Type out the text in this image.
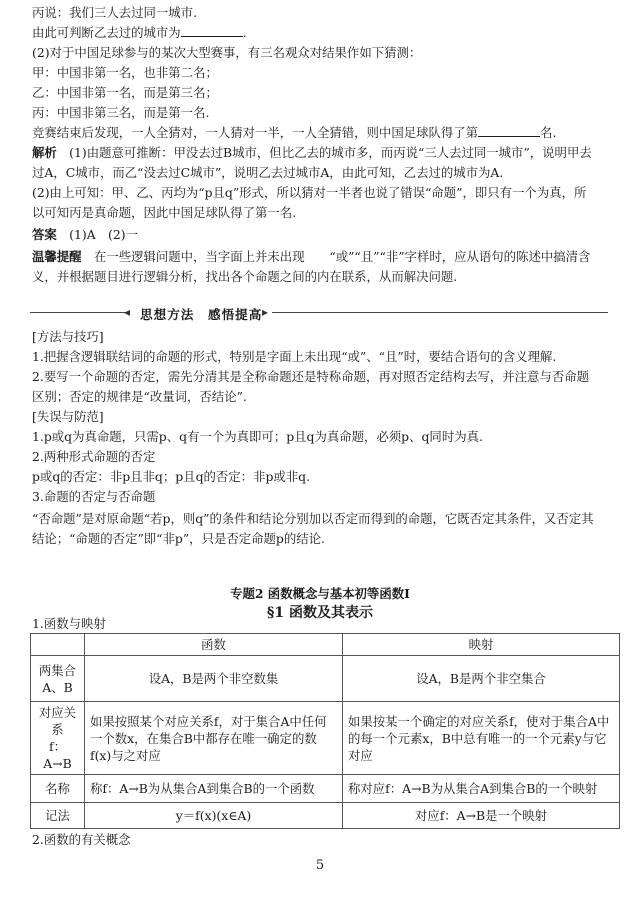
丙说：我们三人去过同一城市.
由此可判断乙去过的城市为	.
(2)对于中国足球参与的某次大型赛事，有三名观众对结果作如下猜测：
甲：中国非第一名，也非第二名；
乙：中国非第一名，而是第三名；
丙：中国非第三名，而是第一名.
竞赛结束后发现，一人全猜对，一人猜对一半，一人全猜错，则中国足球队得了第	名.
解析　 (1)由题意可推断：甲没去过B城市，但比乙去的城市多，而丙说“三人去过同一城市”，说明甲去
过A，C城市，而乙“没去过C城市”，说明乙去过城市A，由此可知，乙去过的城市为A.
(2)由上可知：甲、乙、丙均为“p且q”形式，所以猜对一半者也说了错误“命题”，即只有一个为真，所
以可知丙是真命题，因此中国足球队得了第一名.
答案　 (1)A　(2)一
温馨提醒　 在一些逻辑问题中，当字面上并未出现　　“或”“且”“非”字样时，应从语句的陈述中搞清含
义，并根据题目进行逻辑分析，找出各个命题之间的内在联系，从而解决问题.
◂ 思想方法　感悟提高 ▸
[方法与技巧]
1.把握含逻辑联结词的命题的形式，特别是字面上未出现“或”、“且”时，要结合语句的含义理解.
2.要写一个命题的否定，需先分清其是全称命题还是特称命题，再对照否定结构去写，并注意与否命题
区别；否定的规律是“改量词，否结论”.
[失误与防范]
1.p或q为真命题，只需p、q有一个为真即可；p且q为真命题，必须p、q同时为真.
2.两种形式命题的否定
p或q的否定：非p且非q；p且q的否定：非p或非q.
3.命题的否定与否命题
“否命题”是对原命题“若p，则q”的条件和结论分别加以否定而得到的命题，它既否定其条件，又否定其
结论；“命题的否定”即“非p”，只是否定命题p的结论.
专题2 函数概念与基本初等函数I
§1 函数及其表示
1.函数与映射
	函数	映射
两集合
A、B	设A，B是两个非空数集	设A，B是两个非空集合
对应关
系
f：A→B	如果按照某个对应关系f，对于集合A中任何一个数x，在集合B中都存在唯一确定的数f(x)与之对应	如果按某一个确定的对应关系f，使对于集合A中的每一个元素x，B中总有唯一的一个元素y与它对应
名称	称f：A→B为从集合A到集合B的一个函数	称对应f：A→B为从集合A到集合B的一个映射
记法	y＝f(x)(x∈A)	对应f：A→B是一个映射
2.函数的有关概念
5
